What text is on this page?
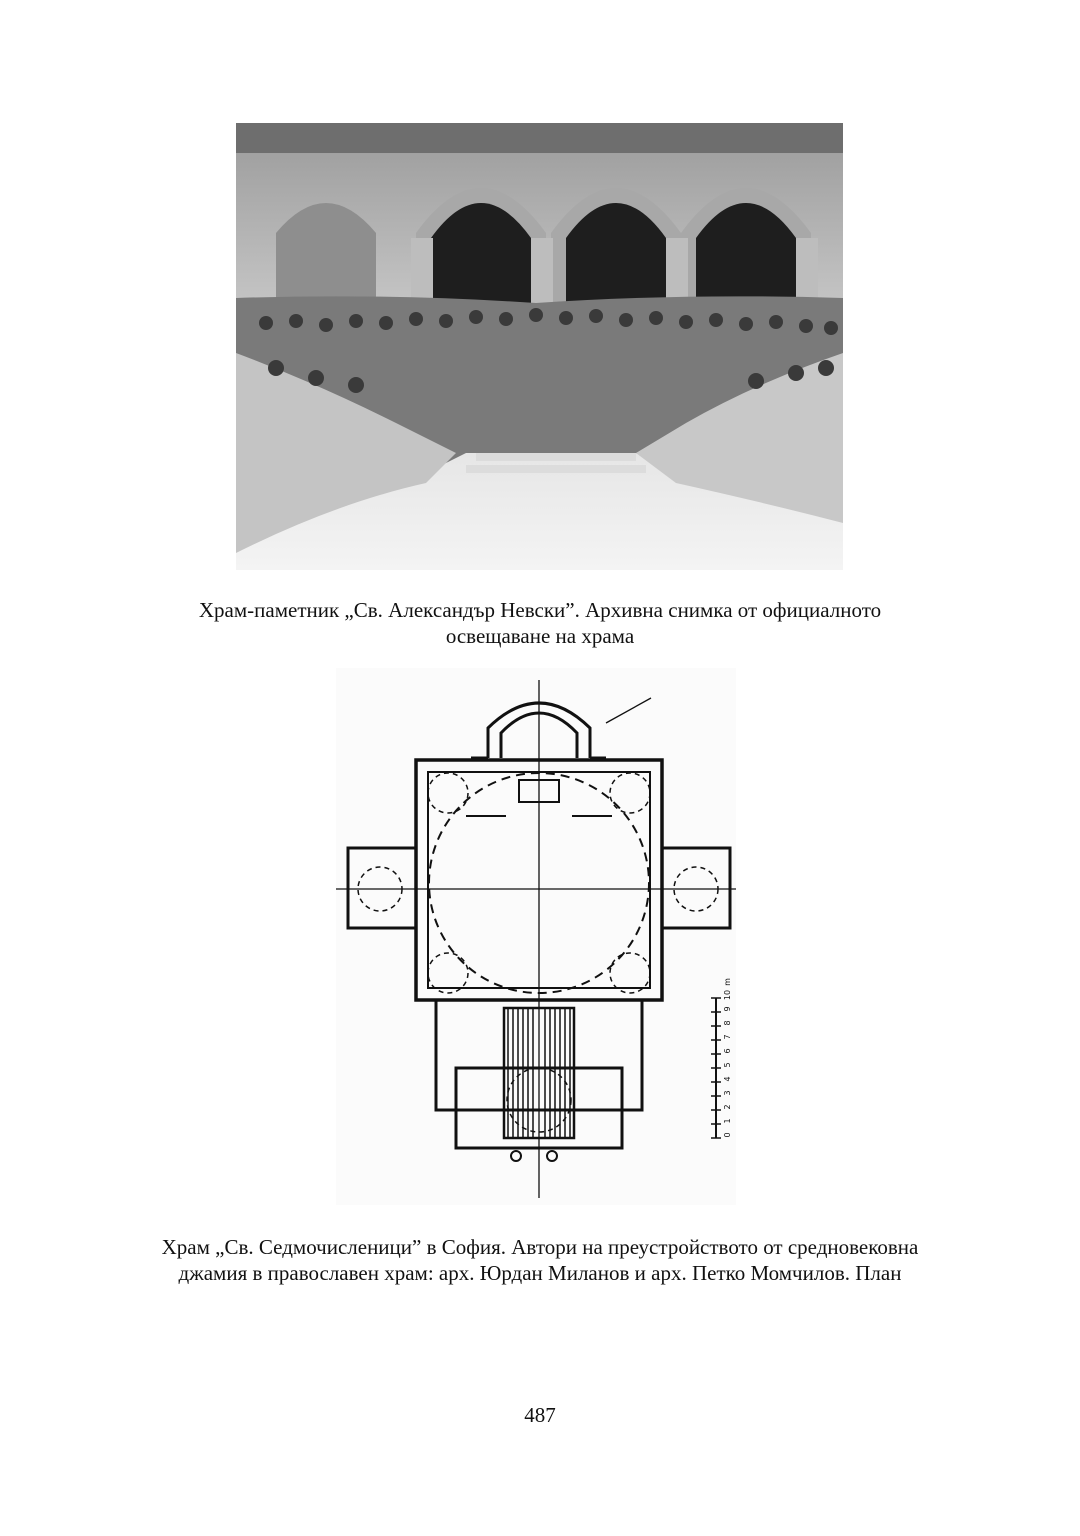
Храм-паметник „Св. Александър Невски”. Архивна снимка от официалното
освещаване на храма

0
1
2
3
4
5
6
7
8
9
10
m

Храм „Св. Седмочисленици” в София. Автори на преустройството от средновековна
джамия в православен храм: арх. Юрдан Миланов и арх. Петко Момчилов. План

487
